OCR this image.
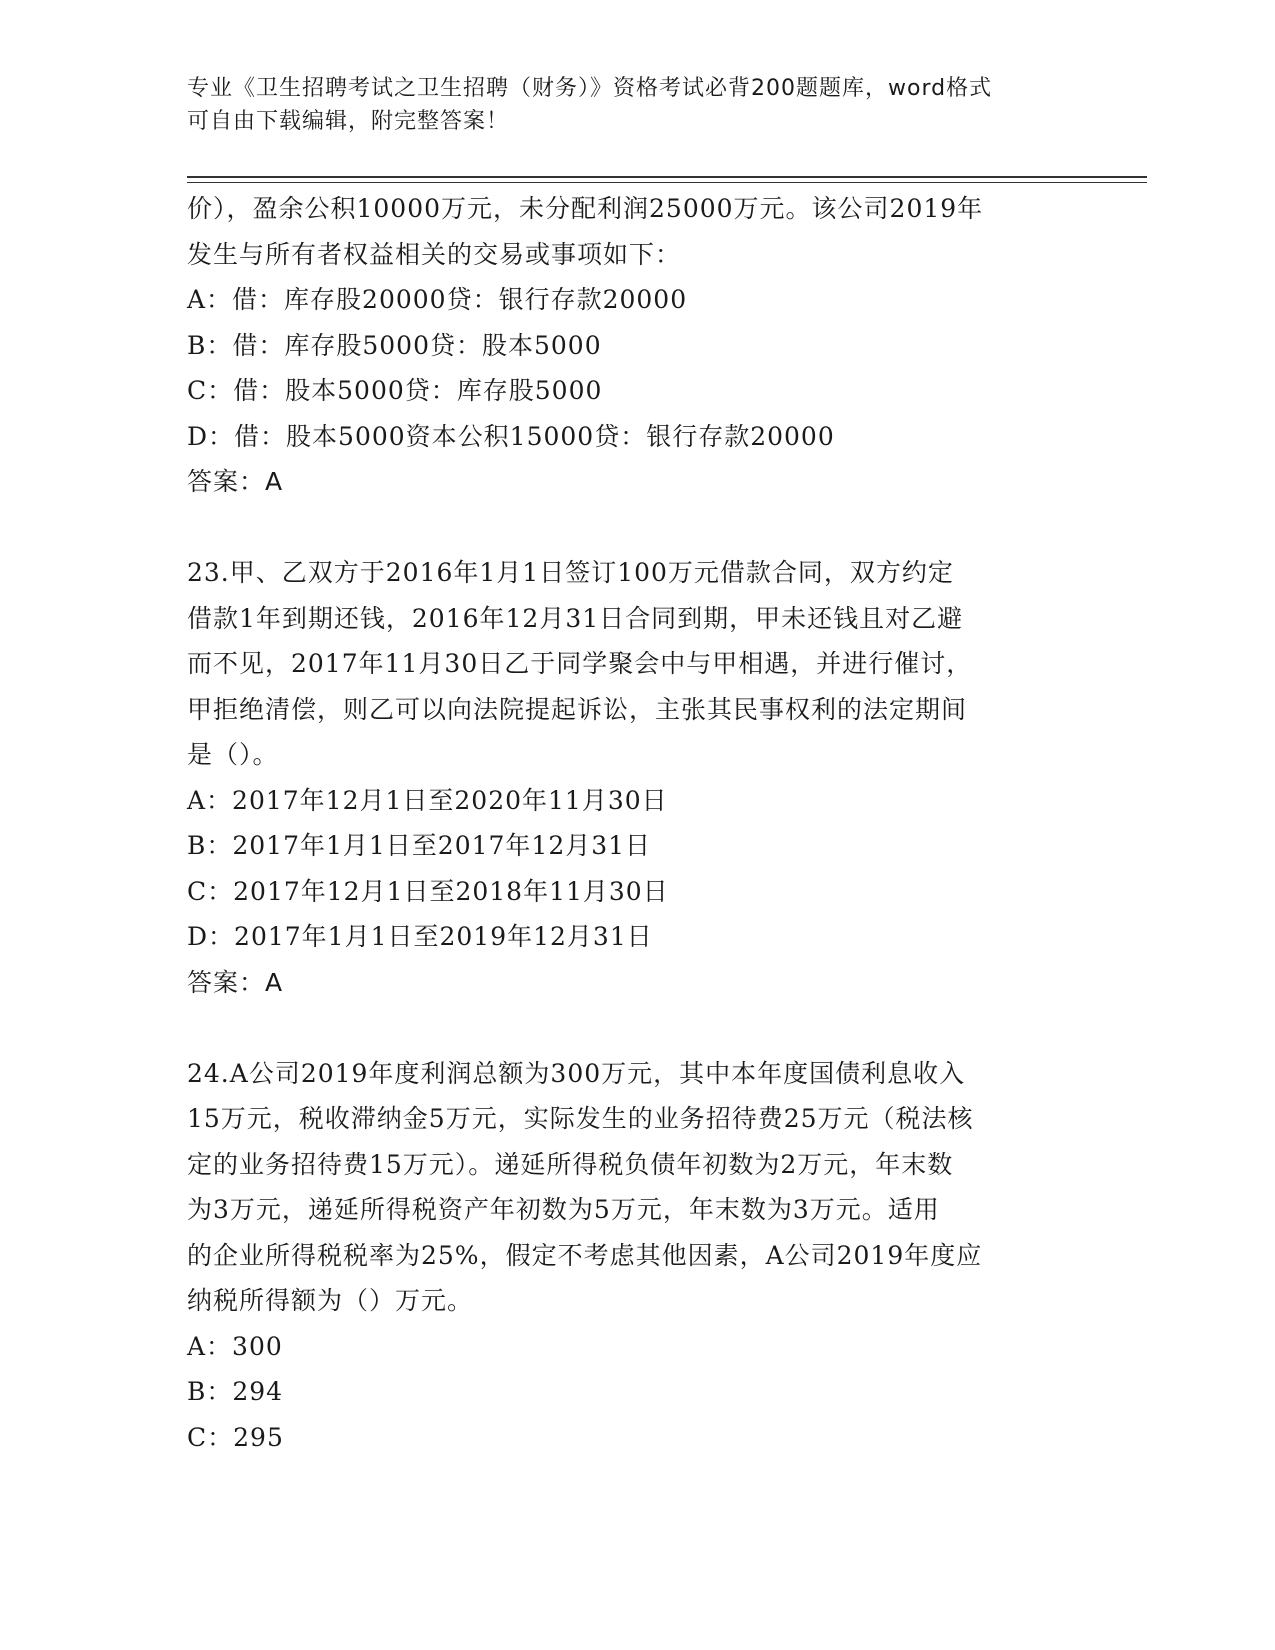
专业《卫生招聘考试之卫生招聘（财务）》资格考试必背200题题库，word格式
可自由下载编辑，附完整答案！
价），盈余公积10000万元，未分配利润25000万元。该公司2019年
发生与所有者权益相关的交易或事项如下：
A：借：库存股20000贷：银行存款20000
B：借：库存股5000贷：股本5000
C：借：股本5000贷：库存股5000
D：借：股本5000资本公积15000贷：银行存款20000
答案：A
23.甲、乙双方于2016年1月1日签订100万元借款合同，双方约定
借款1年到期还钱，2016年12月31日合同到期，甲未还钱且对乙避
而不见，2017年11月30日乙于同学聚会中与甲相遇，并进行催讨，
甲拒绝清偿，则乙可以向法院提起诉讼，主张其民事权利的法定期间
是（）。
A：2017年12月1日至2020年11月30日
B：2017年1月1日至2017年12月31日
C：2017年12月1日至2018年11月30日
D：2017年1月1日至2019年12月31日
答案：A
24.A公司2019年度利润总额为300万元，其中本年度国债利息收入
15万元，税收滞纳金5万元，实际发生的业务招待费25万元（税法核
定的业务招待费15万元）。递延所得税负债年初数为2万元，年末数
为3万元，递延所得税资产年初数为5万元，年末数为3万元。适用
的企业所得税税率为25%，假定不考虑其他因素，A公司2019年度应
纳税所得额为（）万元。
A：300
B：294
C：295
